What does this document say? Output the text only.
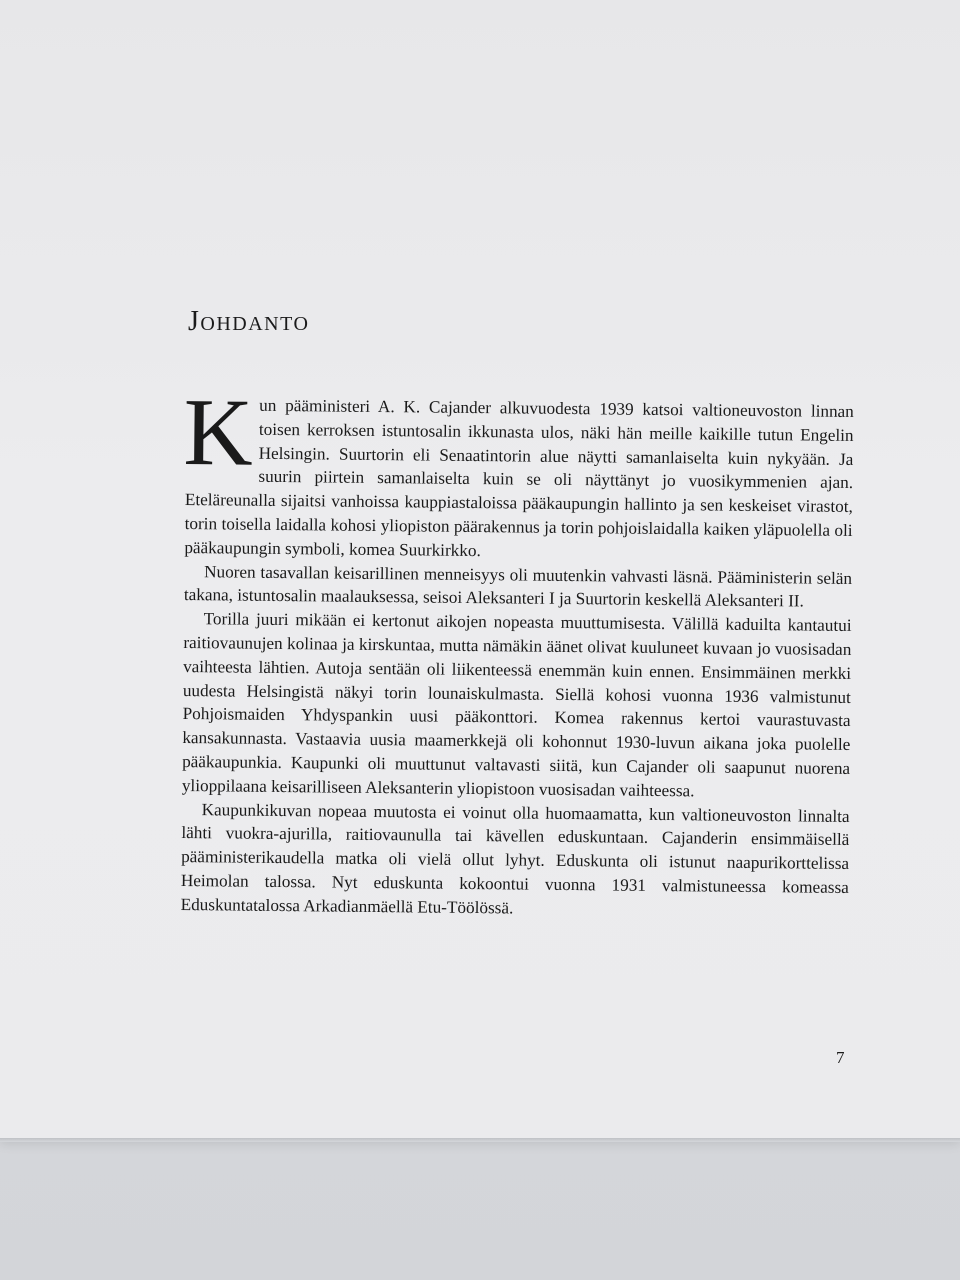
Johdanto

Kun pääministeri A. K. Cajander alkuvuodesta 1939 katsoi valtioneuvoston linnan toisen kerroksen istuntosalin ikkunasta ulos, näki hän meille kaikille tutun Engelin Helsingin. Suurtorin eli Senaatintorin alue näytti samanlaiselta kuin nykyään. Ja suurin piirtein samanlaiselta kuin se oli näyttänyt jo vuosikymmenien ajan. Eteläreunalla sijaitsi vanhoissa kauppiastaloissa pääkaupungin hallinto ja sen keskeiset virastot, torin toisella laidalla kohosi yliopiston päärakennus ja torin pohjoislaidalla kaiken yläpuolella oli pääkaupungin symboli, komea Suurkirkko.

Nuoren tasavallan keisarillinen menneisyys oli muutenkin vahvasti läsnä. Pääministerin selän takana, istuntosalin maalauksessa, seisoi Aleksanteri I ja Suurtorin keskellä Aleksanteri II.

Torilla juuri mikään ei kertonut aikojen nopeasta muuttumisesta. Välillä kaduilta kantautui raitiovaunujen kolinaa ja kirskuntaa, mutta nämäkin äänet olivat kuuluneet kuvaan jo vuosisadan vaihteesta lähtien. Autoja sentään oli liikenteessä enemmän kuin ennen. Ensimmäinen merkki uudesta Helsingistä näkyi torin lounaiskulmasta. Siellä kohosi vuonna 1936 valmistunut Pohjoismaiden Yhdyspankin uusi pääkonttori. Komea rakennus kertoi vaurastuvasta kansakunnasta. Vastaavia uusia maamerkkejä oli kohonnut 1930-luvun aikana joka puolelle pääkaupunkia. Kaupunki oli muuttunut valtavasti siitä, kun Cajander oli saapunut nuorena ylioppilaana keisarilliseen Aleksanterin yliopistoon vuosisadan vaihteessa.

Kaupunkikuvan nopeaa muutosta ei voinut olla huomaamatta, kun valtioneuvoston linnalta lähti vuokra-ajurilla, raitiovaunulla tai kävellen eduskuntaan. Cajanderin ensimmäisellä pääministerikaudella matka oli vielä ollut lyhyt. Eduskunta oli istunut naapurikorttelissa Heimolan talossa. Nyt eduskunta kokoontui vuonna 1931 valmistuneessa komeassa Eduskuntatalossa Arkadianmäellä Etu-Töölössä.

7
